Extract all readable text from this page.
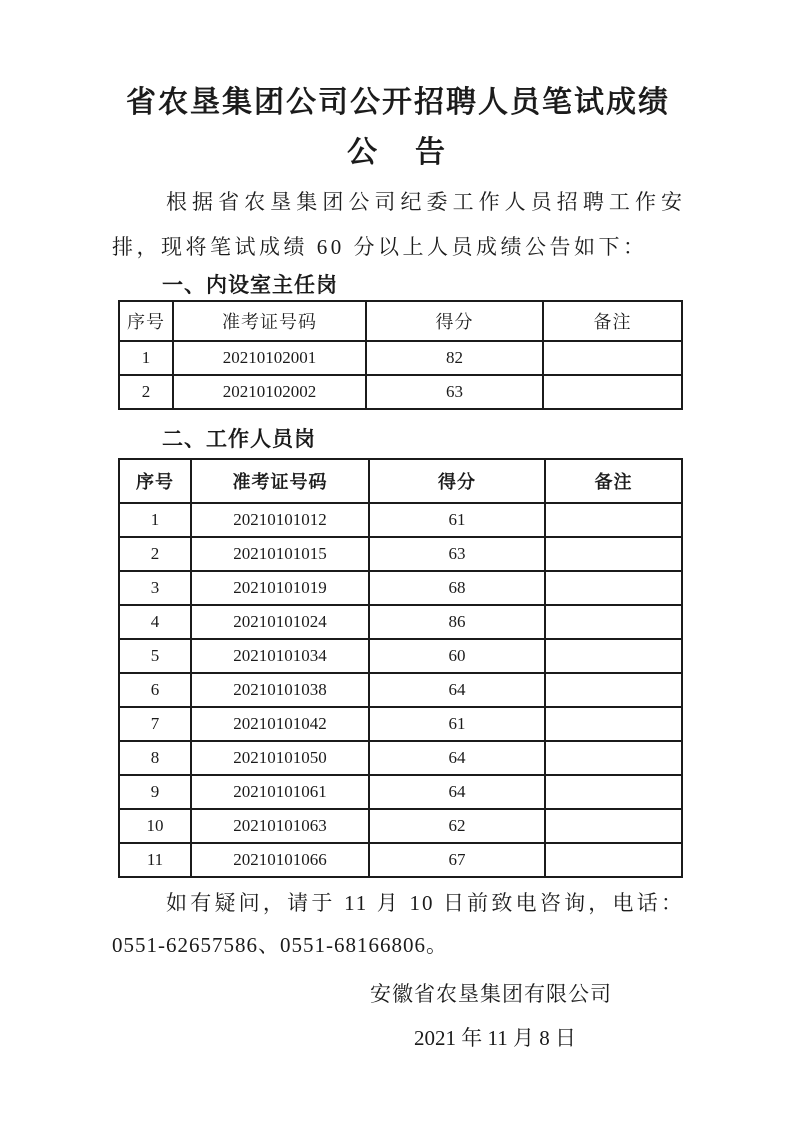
省农垦集团公司公开招聘人员笔试成绩
公　告
根据省农垦集团公司纪委工作人员招聘工作安
排，现将笔试成绩 60 分以上人员成绩公告如下：
一、内设室主任岗
序号	准考证号码	得分	备注
1	20210102001	82	
2	20210102002	63	
二、工作人员岗
序号	准考证号码	得分	备注
1	20210101012	61	
2	20210101015	63	
3	20210101019	68	
4	20210101024	86	
5	20210101034	60	
6	20210101038	64	
7	20210101042	61	
8	20210101050	64	
9	20210101061	64	
10	20210101063	62	
11	20210101066	67	
如有疑问，请于 11 月 10 日前致电咨询，电话：
0551-62657586、0551-68166806。
安徽省农垦集团有限公司
2021 年 11 月 8 日
